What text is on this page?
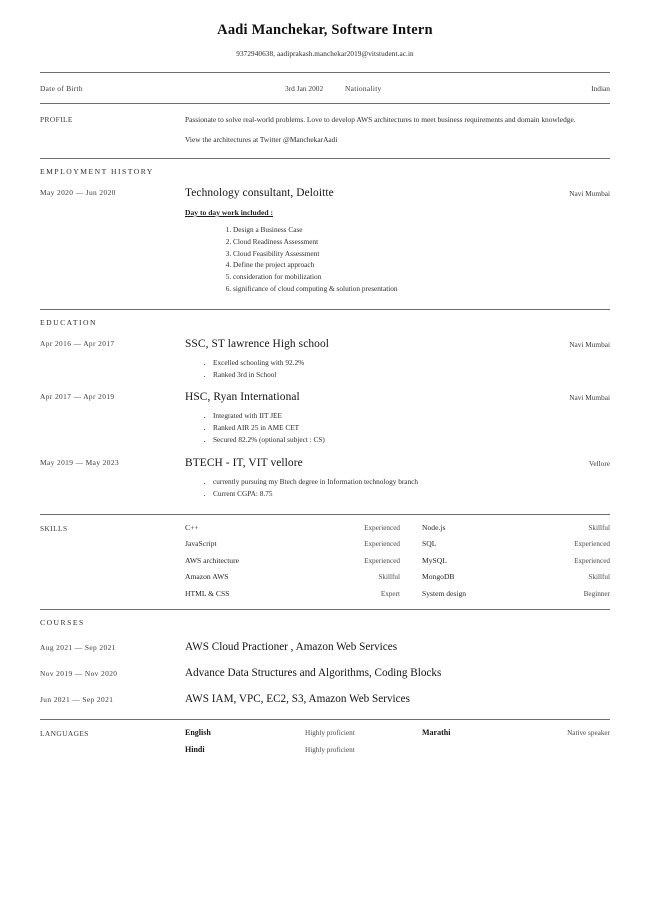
Aadi Manchekar, Software Intern
9372940638, aadiprakash.manchekar2019@vitstudent.ac.in
Date of Birth	3rd Jan 2002	Nationality	Indian
PROFILE	Passionate to solve real-world problems. Love to develop AWS architectures to meet business requirements and domain knowledge.
View the architectures at Twitter @ManchekarAadi
EMPLOYMENT HISTORY
May 2020 — Jun 2020	Technology consultant, Deloitte	Navi Mumbai
Day to day work included :
1. Design a Business Case
2. Cloud Readiness Assessment
3. Cloud Feasibility Assessment
4. Define the project approach
5. consideration for mobilization
6. significance of cloud computing & solution presentation
EDUCATION
Apr 2016 — Apr 2017	SSC, ST lawrence High school	Navi Mumbai
• Excelled schooling with 92.2%
• Ranked 3rd in School
Apr 2017 — Apr 2019	HSC, Ryan International	Navi Mumbai
• Integrated with IIT JEE
• Ranked AIR 25 in AME CET
• Secured 82.2% (optional subject : CS)
May 2019 — May 2023	BTECH - IT, VIT vellore	Vellore
• currently pursuing my Btech degree in Information technology branch
• Current CGPA: 8.75
SKILLS	C++	Experienced	Node.js	Skillful
JavaScript	Experienced	SQL	Experienced
AWS architecture	Experienced	MySQL	Experienced
Amazon AWS	Skillful	MongoDB	Skillful
HTML & CSS	Expert	System design	Beginner
COURSES
Aug 2021 — Sep 2021	AWS Cloud Practioner , Amazon Web Services
Nov 2019 — Nov 2020	Advance Data Structures and Algorithms, Coding Blocks
Jun 2021 — Sep 2021	AWS IAM, VPC, EC2, S3, Amazon Web Services
LANGUAGES	English	Highly proficient	Marathi	Native speaker
Hindi	Highly proficient
